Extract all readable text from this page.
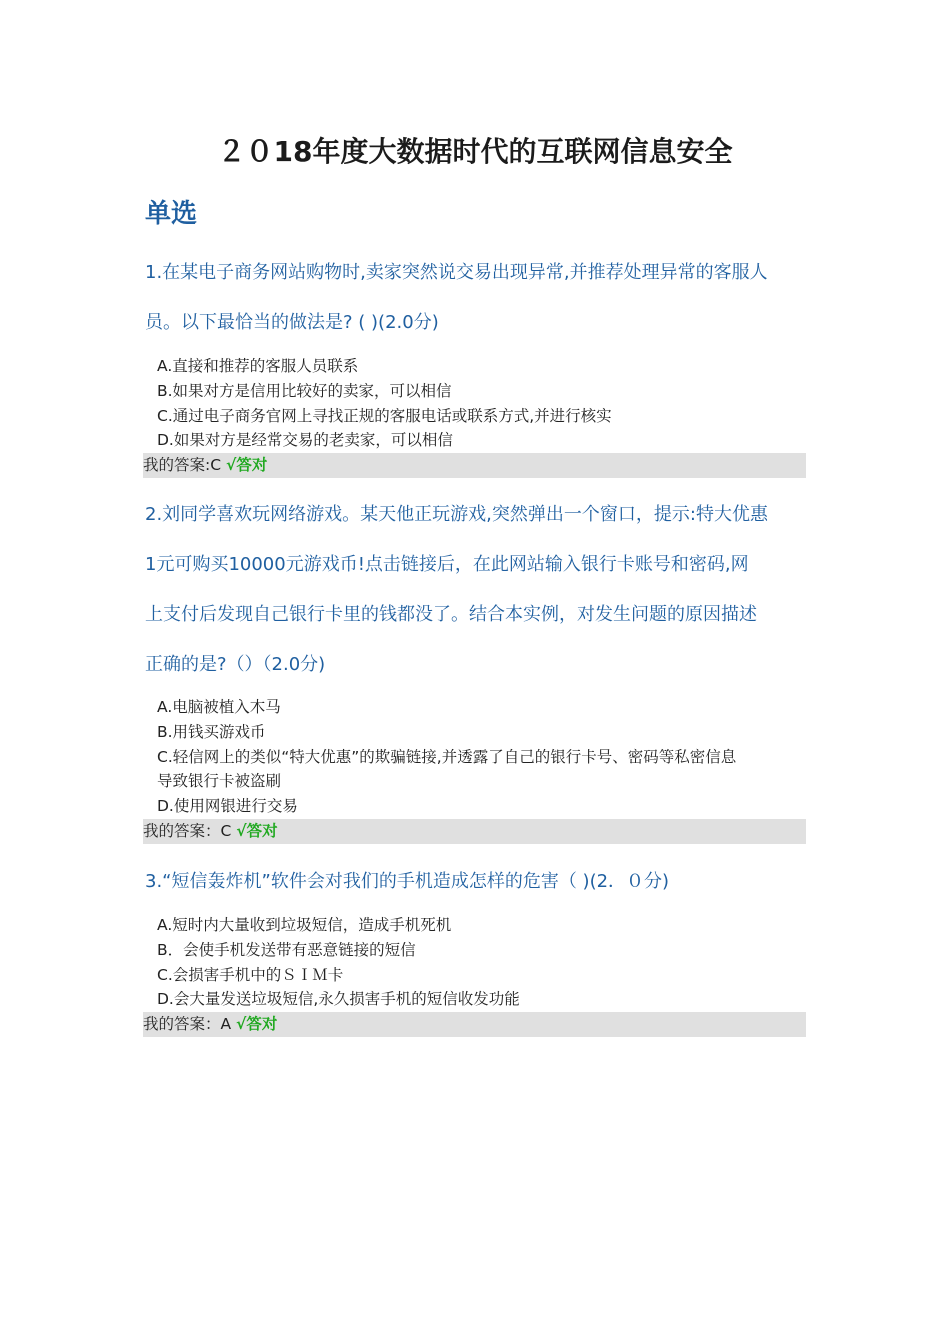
２０18年度大数据时代的互联网信息安全
单选
1.在某电子商务网站购物时,卖家突然说交易出现异常,并推荐处理异常的客服人
员。以下最恰当的做法是? ( )(2.0分)
A.直接和推荐的客服人员联系
B.如果对方是信用比较好的卖家，可以相信
C.通过电子商务官网上寻找正规的客服电话或联系方式,并进行核实
D.如果对方是经常交易的老卖家，可以相信
我的答案:C √答对
2.刘同学喜欢玩网络游戏。某天他正玩游戏,突然弹出一个窗口，提示:特大优惠
1元可购买10000元游戏币!点击链接后，在此网站输入银行卡账号和密码,网
上支付后发现自己银行卡里的钱都没了。结合本实例，对发生问题的原因描述
正确的是?（）（2.0分)
A.电脑被植入木马
B.用钱买游戏币
C.轻信网上的类似“特大优惠”的欺骗链接,并透露了自己的银行卡号、密码等私密信息
导致银行卡被盗刷
D.使用网银进行交易
我的答案：C √答对
3.“短信轰炸机”软件会对我们的手机造成怎样的危害（ )(2．０分)
A.短时内大量收到垃圾短信，造成手机死机
B．会使手机发送带有恶意链接的短信
C.会损害手机中的ＳＩＭ卡
D.会大量发送垃圾短信,永久损害手机的短信收发功能
我的答案：A √答对
